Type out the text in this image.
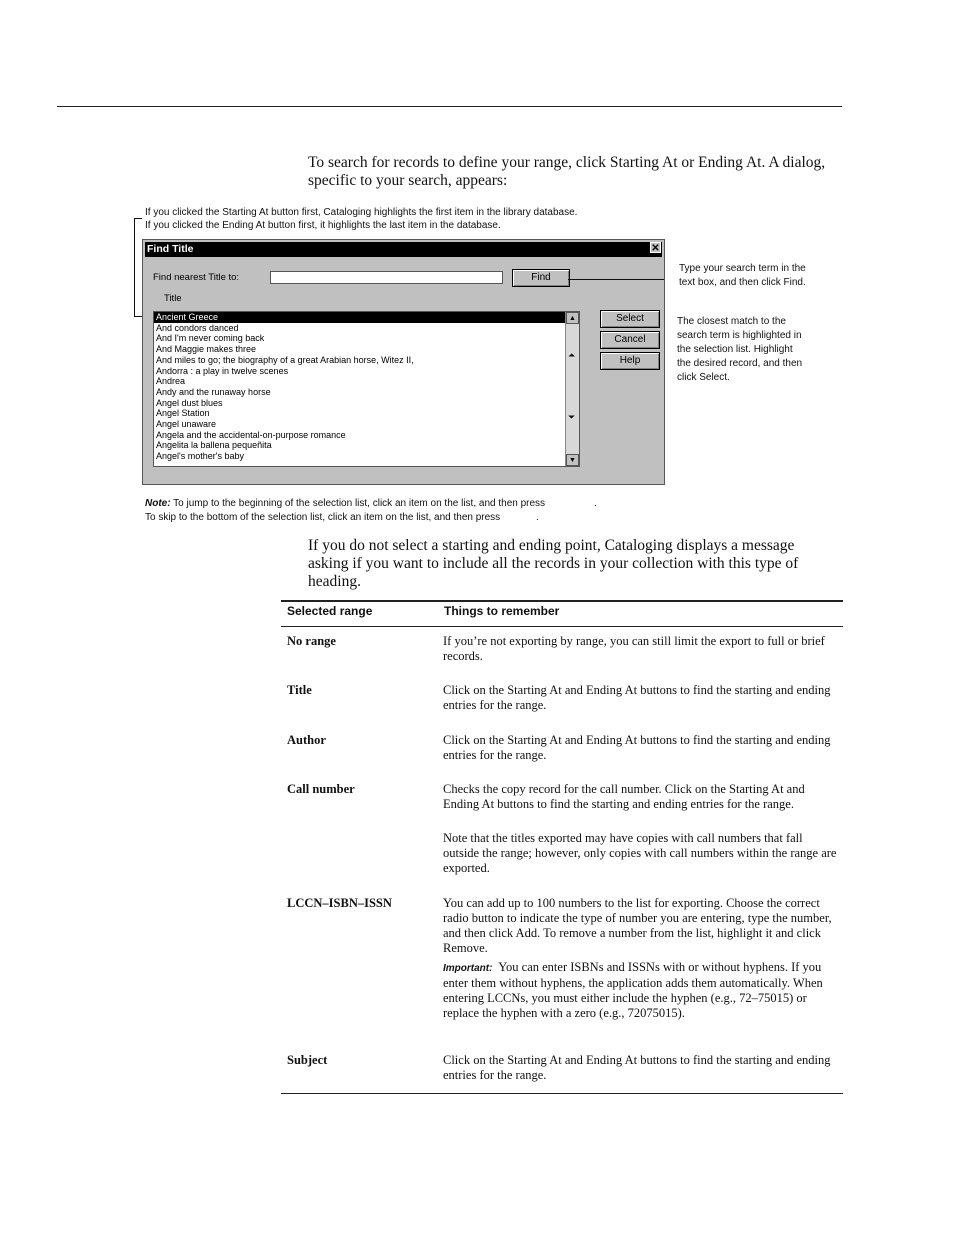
To search for records to define your range, click Starting At or Ending At. A dialog, specific to your search, appears:
If you clicked the Starting At button first, Cataloging highlights the first item in the library database.
If you clicked the Ending At button first, it highlights the last item in the database.
Find Title	✕
Find nearest Title to:	Find
Title
Ancient Greece
And condors danced
And I'm never coming back
And Maggie makes three
And miles to go; the biography of a great Arabian horse, Witez II,
Andorra : a play in twelve scenes
Andrea
Andy and the runaway horse
Angel dust blues
Angel Station
Angel unaware
Angela and the accidental-on-purpose romance
Angelita la ballena pequeñita
Angel's mother's baby
▲
⏶
⏷
▼
Select
Cancel
Help
Type your search term in the
text box, and then click Find.
The closest match to the
search term is highlighted in
the selection list. Highlight
the desired record, and then
click Select.
Note: To jump to the beginning of the selection list, click an item on the list, and then press	.
To skip to the bottom of the selection list, click an item on the list, and then press	.
If you do not select a starting and ending point, Cataloging displays a message asking if you want to include all the records in your collection with this type of heading.
Selected range	Things to remember
No range	If you’re not exporting by range, you can still limit the export to full or brief records.
Title	Click on the Starting At and Ending At buttons to find the starting and ending entries for the range.
Author	Click on the Starting At and Ending At buttons to find the starting and ending entries for the range.
Call number	Checks the copy record for the call number. Click on the Starting At and Ending At buttons to find the starting and ending entries for the range.
Note that the titles exported may have copies with call numbers that fall outside the range; however, only copies with call numbers within the range are exported.
LCCN–ISBN–ISSN	You can add up to 100 numbers to the list for exporting. Choose the correct radio button to indicate the type of number you are entering, type the number, and then click Add. To remove a number from the list, highlight it and click Remove.
Important: You can enter ISBNs and ISSNs with or without hyphens. If you enter them without hyphens, the application adds them automatically. When entering LCCNs, you must either include the hyphen (e.g., 72–75015) or replace the hyphen with a zero (e.g., 72075015).
Subject	Click on the Starting At and Ending At buttons to find the starting and ending entries for the range.
